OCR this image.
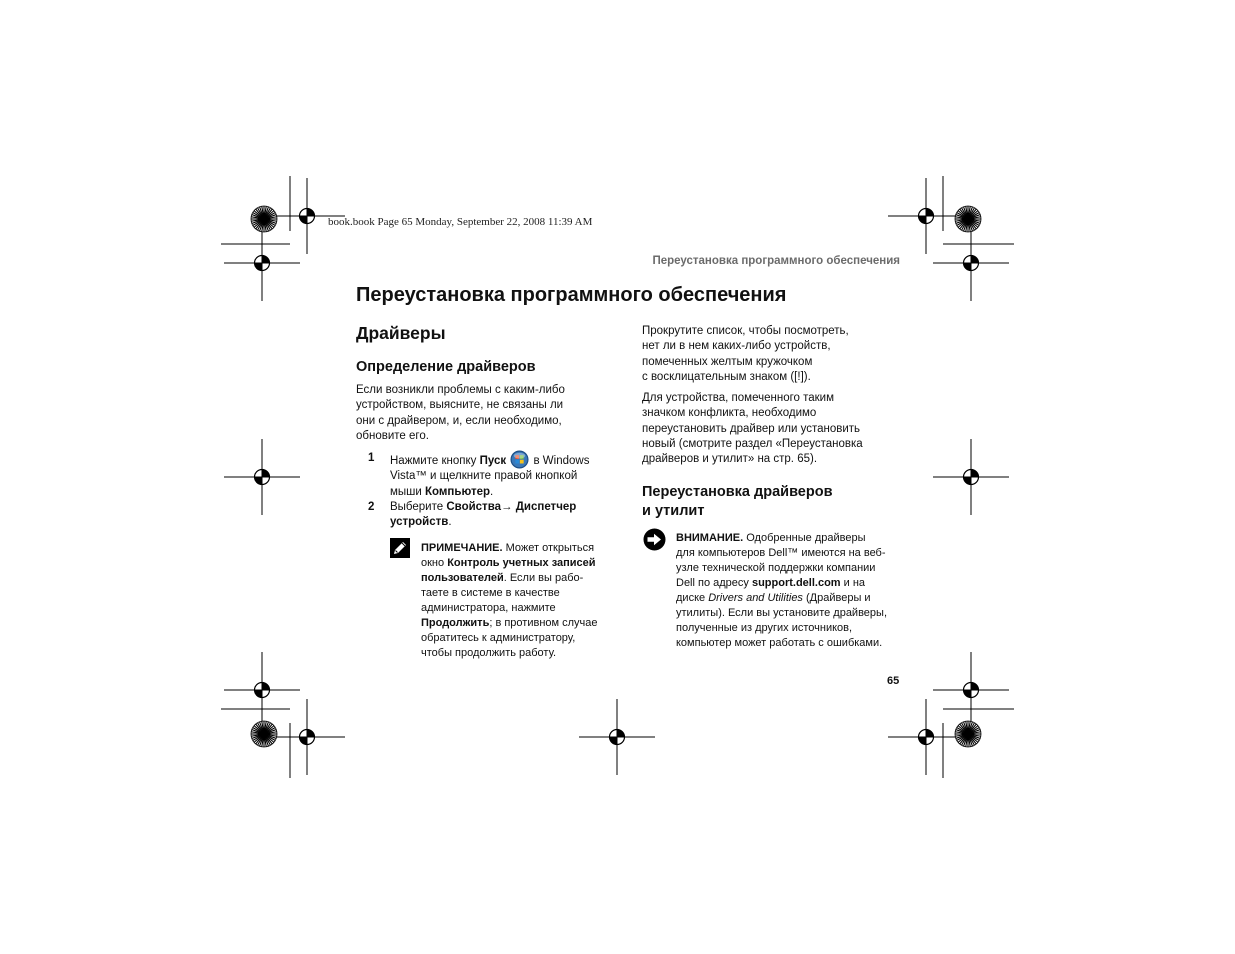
book.book Page 65 Monday, September 22, 2008 11:39 AM
Переустановка программного обеспечения
Переустановка программного обеспечения
Драйверы
Определение драйверов

Если возникли проблемы с каким-либо
устройством, выясните, не связаны ли
они с драйвером, и, если необходимо,
обновите его.

1 Нажмите кнопку Пуск  в Windows
Vista™ и щелкните правой кнопкой
мыши Компьютер.

2 Выберите Свойства→ Диспетчер
устройств.

ПРИМЕЧАНИЕ. Может открыться
окно Контроль учетных записей
пользователей. Если вы рабо-
таете в системе в качестве
администратора, нажмите
Продолжить; в противном случае
обратитесь к администратору,
чтобы продолжить работу.

Прокрутите список, чтобы посмотреть,
нет ли в нем каких-либо устройств,
помеченных желтым кружочком
с восклицательным знаком ([!]).

Для устройства, помеченного таким
значком конфликта, необходимо
переустановить драйвер или установить
новый (смотрите раздел «Переустановка
драйверов и утилит» на стр. 65).

Переустановка драйверов
и утилит

ВНИМАНИЕ. Одобренные драйверы
для компьютеров Dell™ имеются на веб-
узле технической поддержки компании
Dell по адресу support.dell.com и на
диске Drivers and Utilities (Драйверы и
утилиты). Если вы установите драйверы,
полученные из других источников,
компьютер может работать с ошибками.

65
